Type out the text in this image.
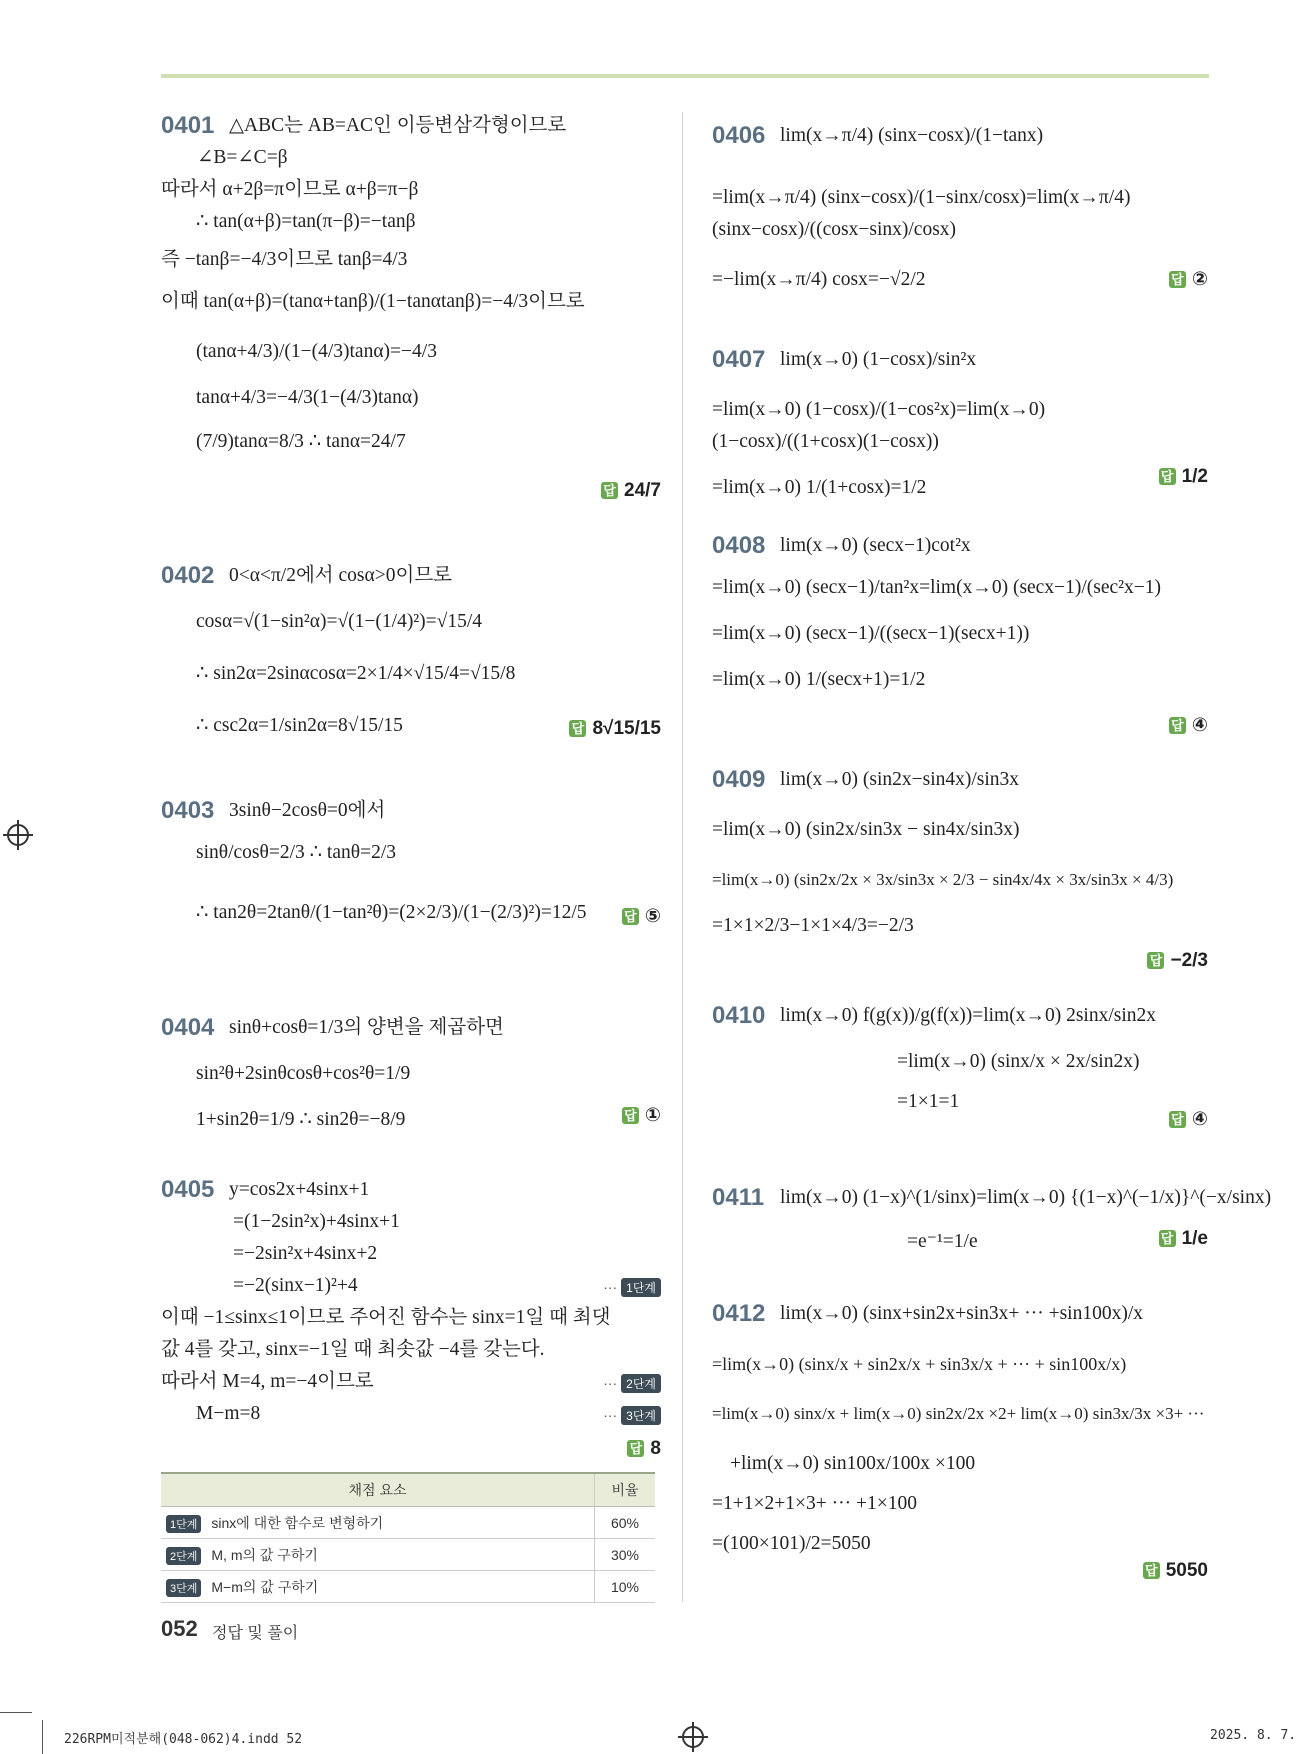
0401 △ABC는 AB=AC인 이등변삼각형이므로
∠B=∠C=β
따라서 α+2β=π이므로 α+β=π−β
∴ tan(α+β)=tan(π−β)=−tanβ
즉 −tanβ=−4/3이므로 tanβ=4/3
이때 tan(α+β)=(tanα+tanβ)/(1−tanαtanβ)=−4/3이므로
(tanα+4/3)/(1−(4/3)tanα)=−4/3
tanα+4/3=−4/3(1−(4/3)tanα)
(7/9)tanα=8/3 ∴ tanα=24/7
답 24/7
0402 0<α<π/2에서 cosα>0이므로
cosα=√(1−sin²α)=√(1−(1/4)²)=√15/4
∴ sin2α=2sinαcosα=2×1/4×√15/4=√15/8
∴ csc2α=1/sin2α=8√15/15	답 8√15/15
0403 3sinθ−2cosθ=0에서
sinθ/cosθ=2/3 ∴ tanθ=2/3
∴ tan2θ=2tanθ/(1−tan²θ)=(2×2/3)/(1−(2/3)²)=12/5	답 ⑤
0404 sinθ+cosθ=1/3의 양변을 제곱하면
sin²θ+2sinθcosθ+cos²θ=1/9
1+sin2θ=1/9 ∴ sin2θ=−8/9	답 ①
0405 y=cos2x+4sinx+1
=(1−2sin²x)+4sinx+1
=−2sin²x+4sinx+2
=−2(sinx−1)²+4
이때 −1≤sinx≤1이므로 주어진 함수는 sinx=1일 때 최댓
값 4를 갖고, sinx=−1일 때 최솟값 −4를 갖는다.
따라서 M=4, m=−4이므로
M−m=8
··· 1단계
··· 2단계
··· 3단계
답 8
채점 요소	비율
1단계 sinx에 대한 함수로 변형하기	60%
2단계 M, m의 값 구하기	30%
3단계 M−m의 값 구하기	10%
0406 lim(x→π/4) (sinx−cosx)/(1−tanx)
=lim(x→π/4) (sinx−cosx)/(1−sinx/cosx)=lim(x→π/4) (sinx−cosx)/((cosx−sinx)/cosx)
=−lim(x→π/4) cosx=−√2/2	답 ②
0407 lim(x→0) (1−cosx)/sin²x
=lim(x→0) (1−cosx)/(1−cos²x)=lim(x→0) (1−cosx)/((1+cosx)(1−cosx))
=lim(x→0) 1/(1+cosx)=1/2
답 1/2
0408 lim(x→0) (secx−1)cot²x
=lim(x→0) (secx−1)/tan²x=lim(x→0) (secx−1)/(sec²x−1)
=lim(x→0) (secx−1)/((secx−1)(secx+1))
=lim(x→0) 1/(secx+1)=1/2
답 ④
0409 lim(x→0) (sin2x−sin4x)/sin3x
=lim(x→0) (sin2x/sin3x − sin4x/sin3x)
=lim(x→0) (sin2x/2x × 3x/sin3x × 2/3 − sin4x/4x × 3x/sin3x × 4/3)
=1×1×2/3−1×1×4/3=−2/3
답 −2/3
0410 lim(x→0) f(g(x))/g(f(x))=lim(x→0) 2sinx/sin2x
=lim(x→0) (sinx/x × 2x/sin2x)
=1×1=1
답 ④
0411 lim(x→0) (1−x)^(1/sinx)=lim(x→0) {(1−x)^(−1/x)}^(−x/sinx)
=e⁻¹=1/e	답 1/e
0412 lim(x→0) (sinx+sin2x+sin3x+ ··· +sin100x)/x
=lim(x→0) (sinx/x + sin2x/x + sin3x/x + ··· + sin100x/x)
=lim(x→0) sinx/x + lim(x→0) sin2x/2x ×2+ lim(x→0) sin3x/3x ×3+ ···
+lim(x→0) sin100x/100x ×100
=1+1×2+1×3+ ··· +1×100
=(100×101)/2=5050
답 5050
052 정답 및 풀이
226RPM미적분해(048-062)4.indd 52	2025. 8. 7.
